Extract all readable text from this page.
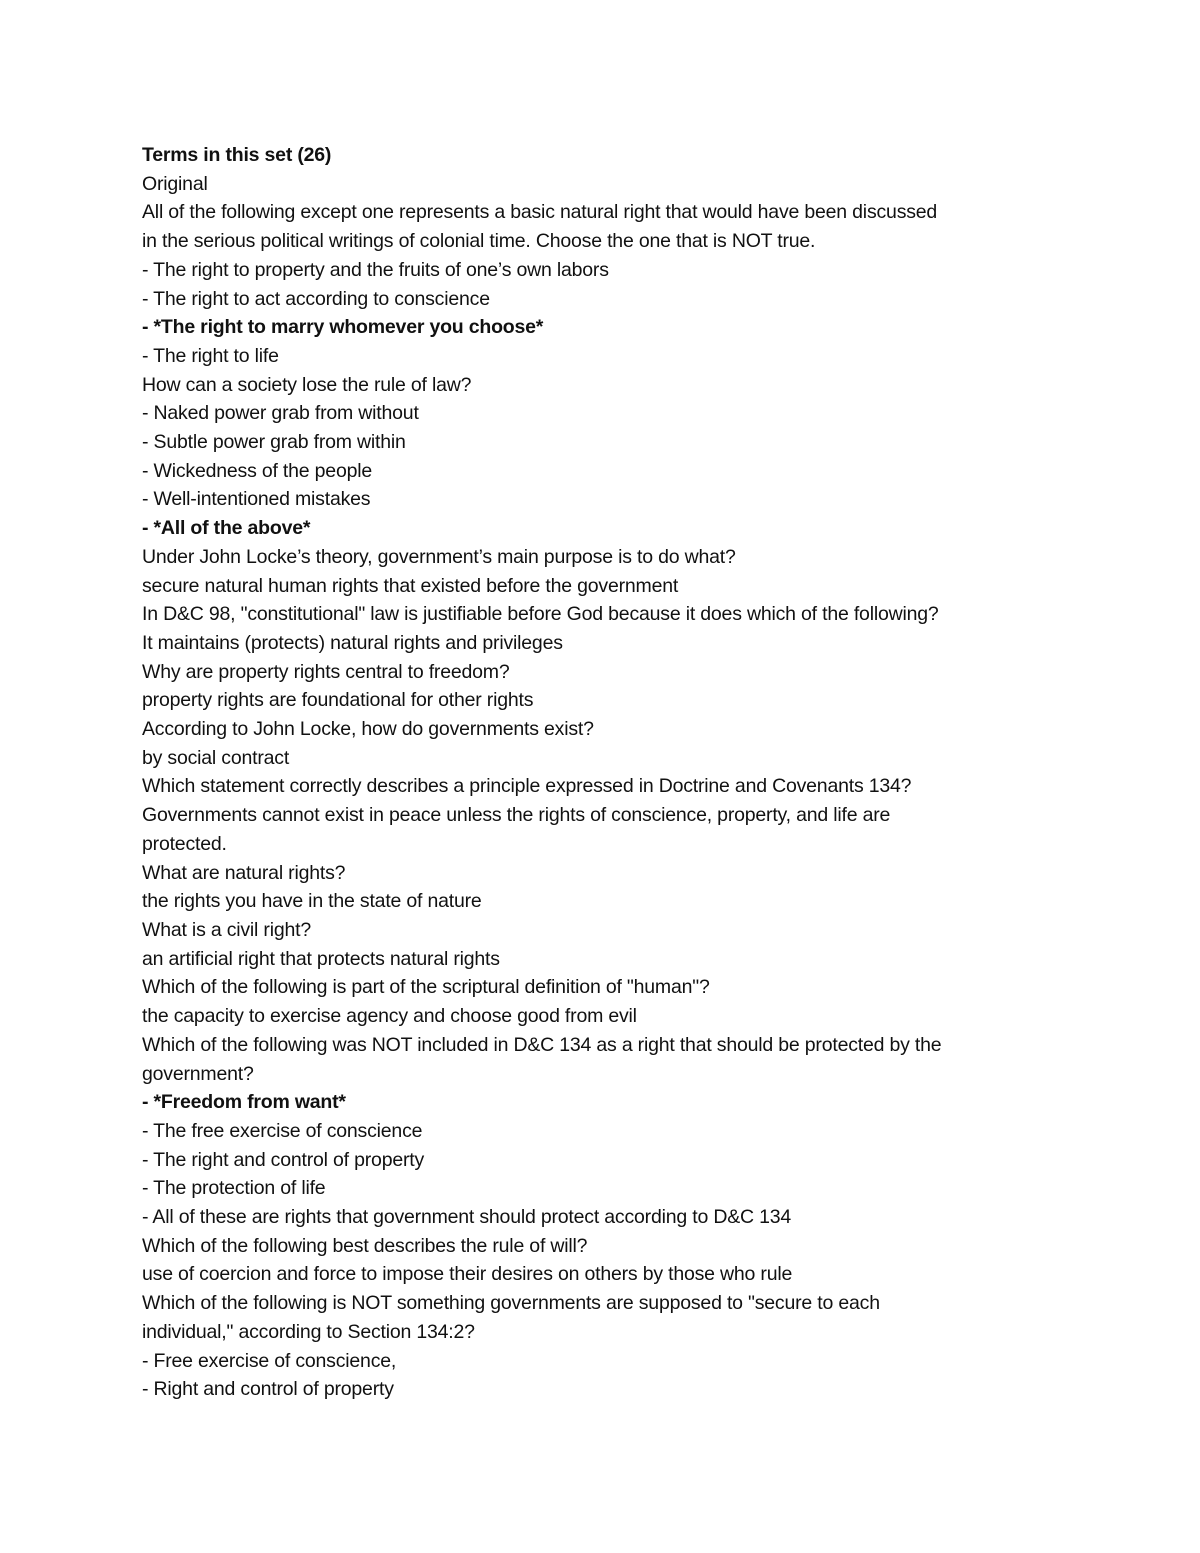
Terms in this set (26)
Original
All of the following except one represents a basic natural right that would have been discussed
in the serious political writings of colonial time. Choose the one that is NOT true.
- The right to property and the fruits of one’s own labors
- The right to act according to conscience
- *The right to marry whomever you choose*
- The right to life
How can a society lose the rule of law?
- Naked power grab from without
- Subtle power grab from within
- Wickedness of the people
- Well-intentioned mistakes
- *All of the above*
Under John Locke’s theory, government’s main purpose is to do what?
secure natural human rights that existed before the government
In D&C 98, "constitutional" law is justifiable before God because it does which of the following?
It maintains (protects) natural rights and privileges
Why are property rights central to freedom?
property rights are foundational for other rights
According to John Locke, how do governments exist?
by social contract
Which statement correctly describes a principle expressed in Doctrine and Covenants 134?
Governments cannot exist in peace unless the rights of conscience, property, and life are
protected.
What are natural rights?
the rights you have in the state of nature
What is a civil right?
an artificial right that protects natural rights
Which of the following is part of the scriptural definition of "human"?
the capacity to exercise agency and choose good from evil
Which of the following was NOT included in D&C 134 as a right that should be protected by the
government?
- *Freedom from want*
- The free exercise of conscience
- The right and control of property
- The protection of life
- All of these are rights that government should protect according to D&C 134
Which of the following best describes the rule of will?
use of coercion and force to impose their desires on others by those who rule
Which of the following is NOT something governments are supposed to "secure to each
individual," according to Section 134:2?
- Free exercise of conscience,
- Right and control of property
